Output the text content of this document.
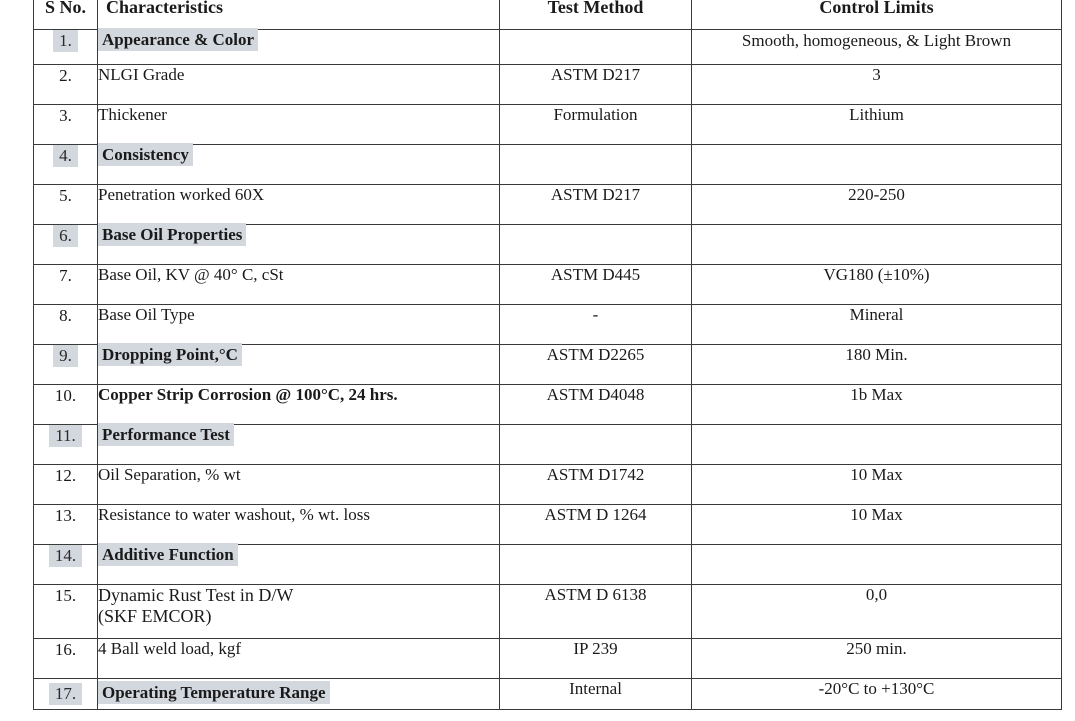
S No.	Characteristics	Test Method	Control Limits
1.	Appearance & Color		Smooth, homogeneous, & Light Brown
2.	NLGI Grade	ASTM D217	3
3.	Thickener	Formulation	Lithium
4.	Consistency		
5.	Penetration worked 60X	ASTM D217	220-250
6.	Base Oil Properties		
7.	Base Oil, KV @ 40° C, cSt	ASTM D445	VG180 (±10%)
8.	Base Oil Type	-	Mineral
9.	Dropping Point,°C	ASTM D2265	180 Min.
10.	Copper Strip Corrosion @ 100°C, 24 hrs.	ASTM D4048	1b Max
11.	Performance Test		
12.	Oil Separation, % wt	ASTM D1742	10 Max
13.	Resistance to water washout, % wt. loss	ASTM D 1264	10 Max
14.	Additive Function		
15.	Dynamic Rust Test in D/W (SKF EMCOR)	ASTM D 6138	0,0
16.	4 Ball weld load, kgf	IP 239	250 min.
17.	Operating Temperature Range	Internal	-20°C to +130°C
